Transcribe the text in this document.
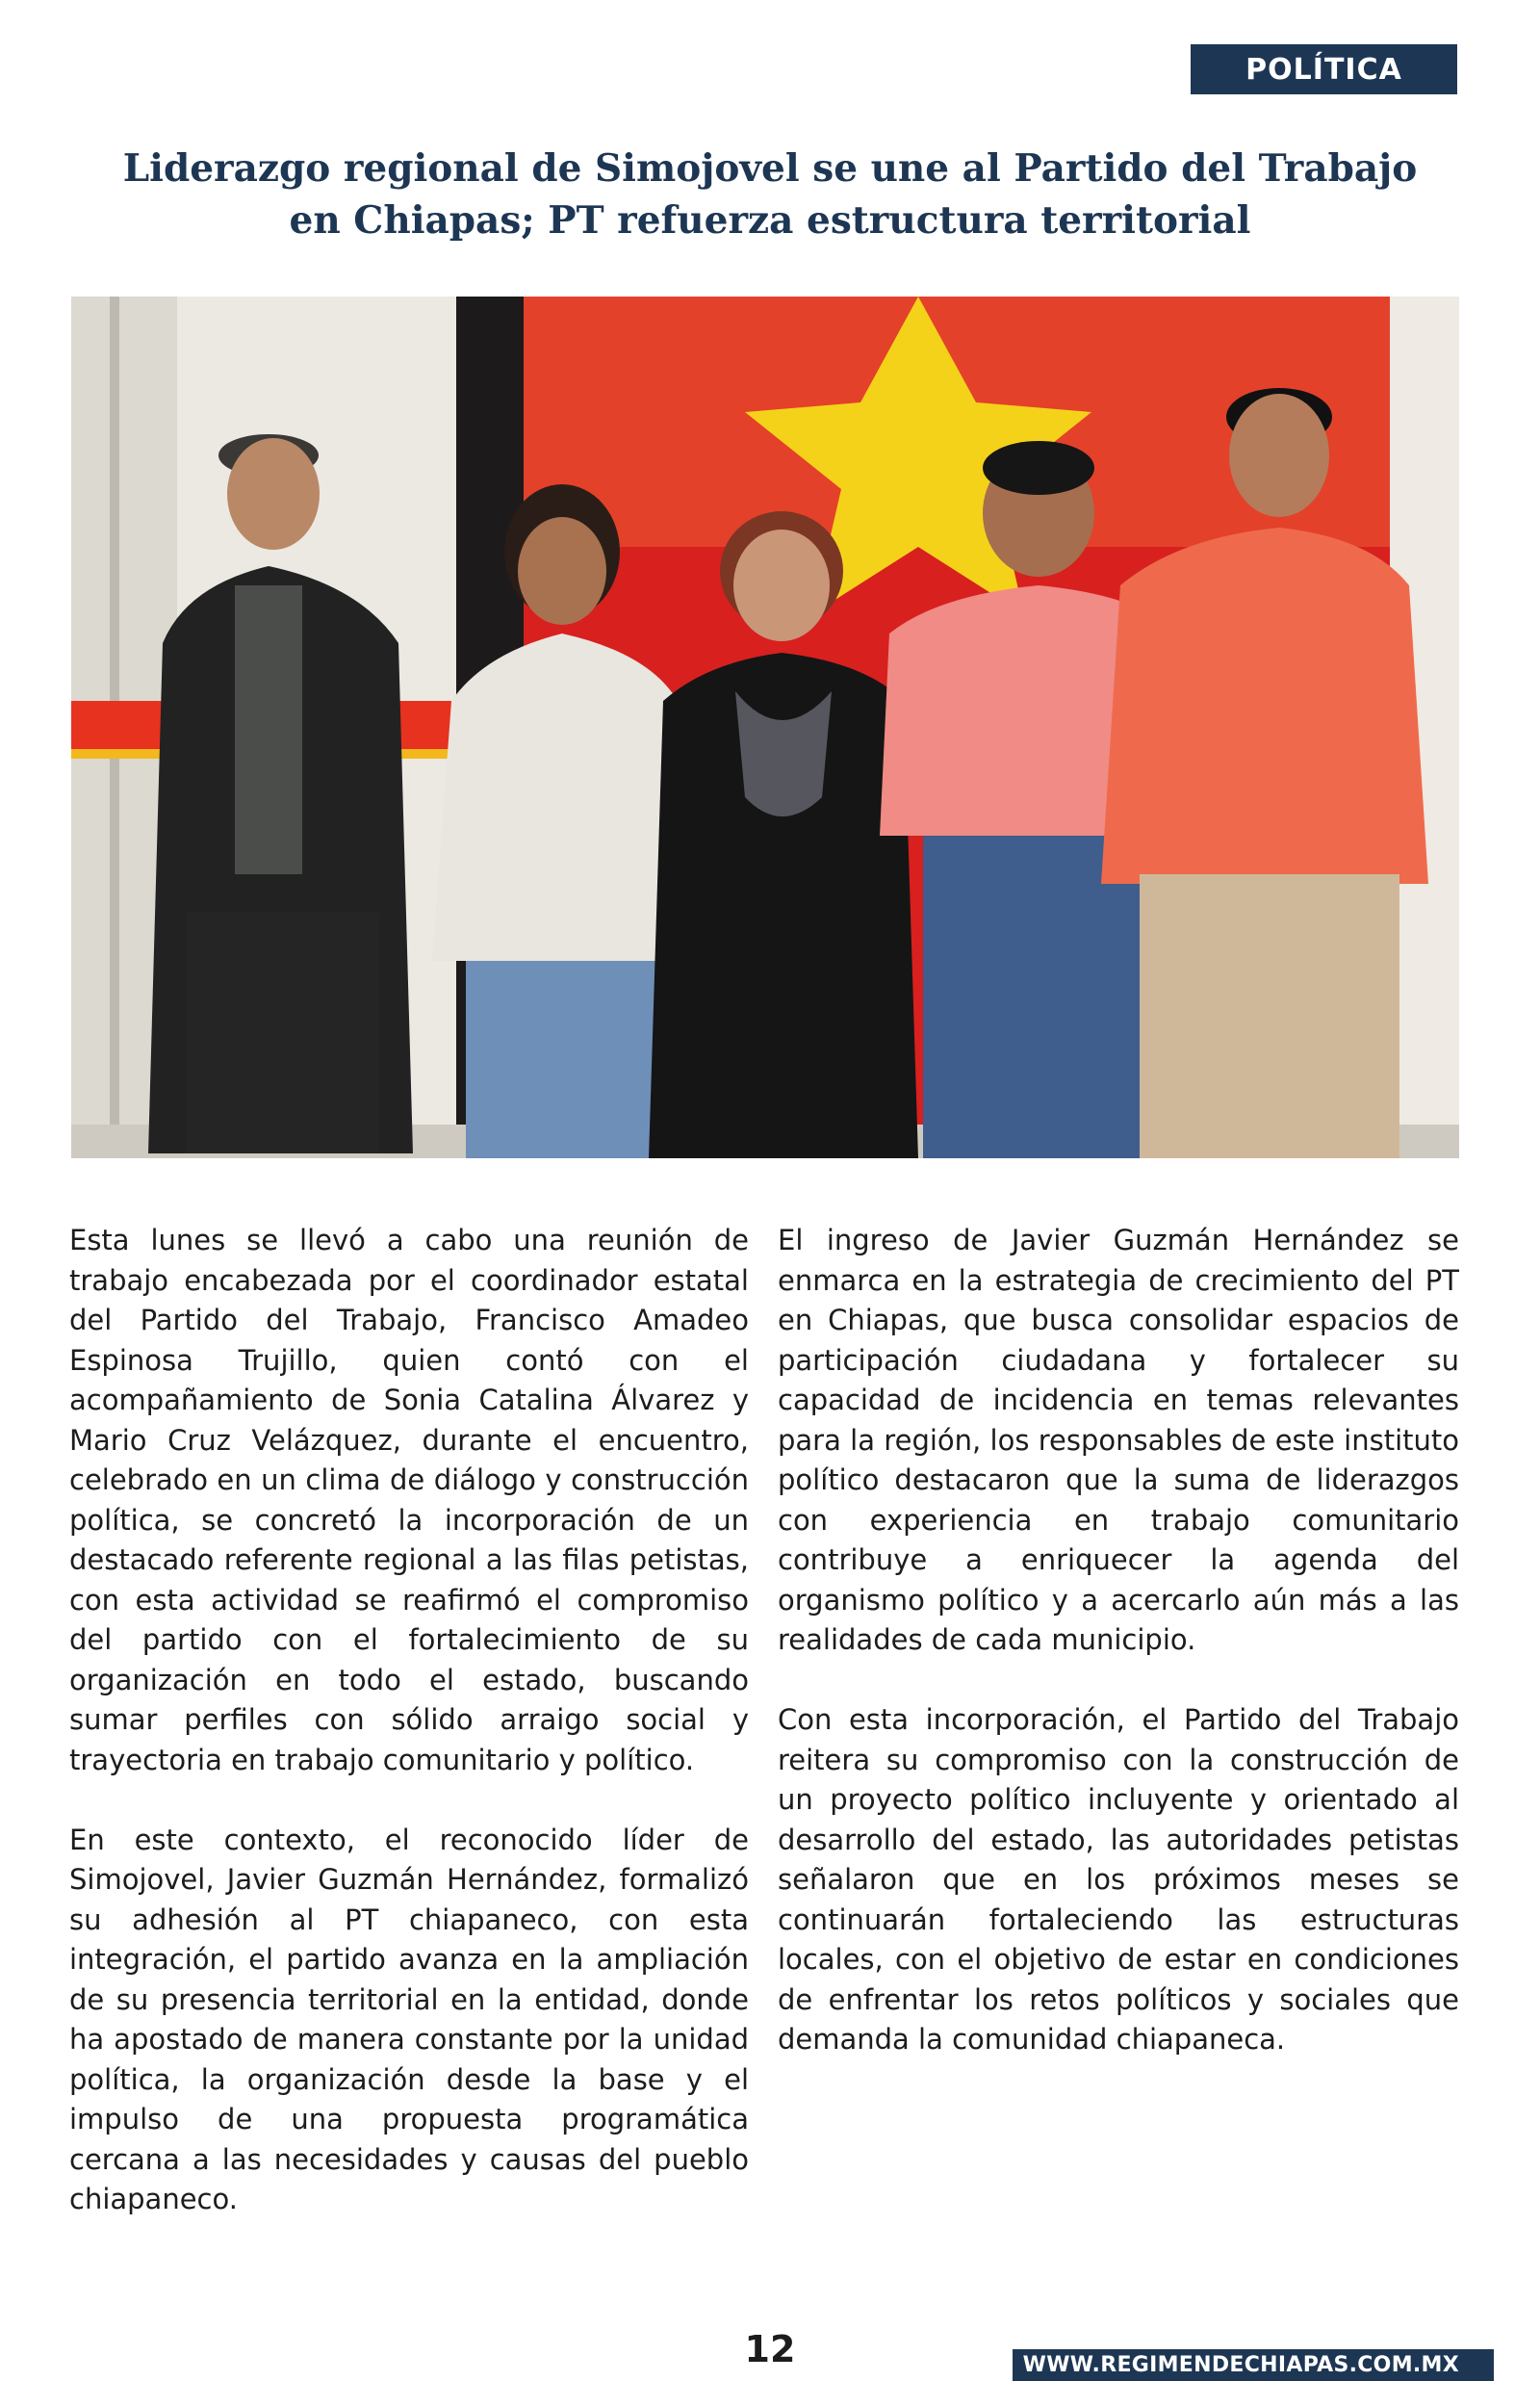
POLÍTICA
Liderazgo regional de Simojovel se une al Partido del Trabajo
en Chiapas; PT refuerza estructura territorial

Esta lunes se llevó a cabo una reunión de trabajo encabezada por el coordinador estatal del Partido del Trabajo, Francisco Amadeo Espinosa Trujillo, quien contó con el acompañamiento de Sonia Catalina Álvarez y Mario Cruz Velázquez, durante el encuentro, celebrado en un clima de diálogo y construcción política, se concretó la incorporación de un destacado referente regional a las filas petistas, con esta actividad se reafirmó el compromiso del partido con el fortalecimiento de su organización en todo el estado, buscando sumar perfiles con sólido arraigo social y trayectoria en trabajo comunitario y político.

En este contexto, el reconocido líder de Simojovel, Javier Guzmán Hernández, formalizó su adhesión al PT chiapaneco, con esta integración, el partido avanza en la ampliación de su presencia territorial en la entidad, donde ha apostado de manera constante por la unidad política, la organización desde la base y el impulso de una propuesta programática cercana a las necesidades y causas del pueblo chiapaneco.

El ingreso de Javier Guzmán Hernández se enmarca en la estrategia de crecimiento del PT en Chiapas, que busca consolidar espacios de participación ciudadana y fortalecer su capacidad de incidencia en temas relevantes para la región, los responsables de este instituto político destacaron que la suma de liderazgos con experiencia en trabajo comunitario contribuye a enriquecer la agenda del organismo político y a acercarlo aún más a las realidades de cada municipio.

Con esta incorporación, el Partido del Trabajo reitera su compromiso con la construcción de un proyecto político incluyente y orientado al desarrollo del estado, las autoridades petistas señalaron que en los próximos meses se continuarán fortaleciendo las estructuras locales, con el objetivo de estar en condiciones de enfrentar los retos políticos y sociales que demanda la comunidad chiapaneca.

12	WWW.REGIMENDECHIAPAS.COM.MX
